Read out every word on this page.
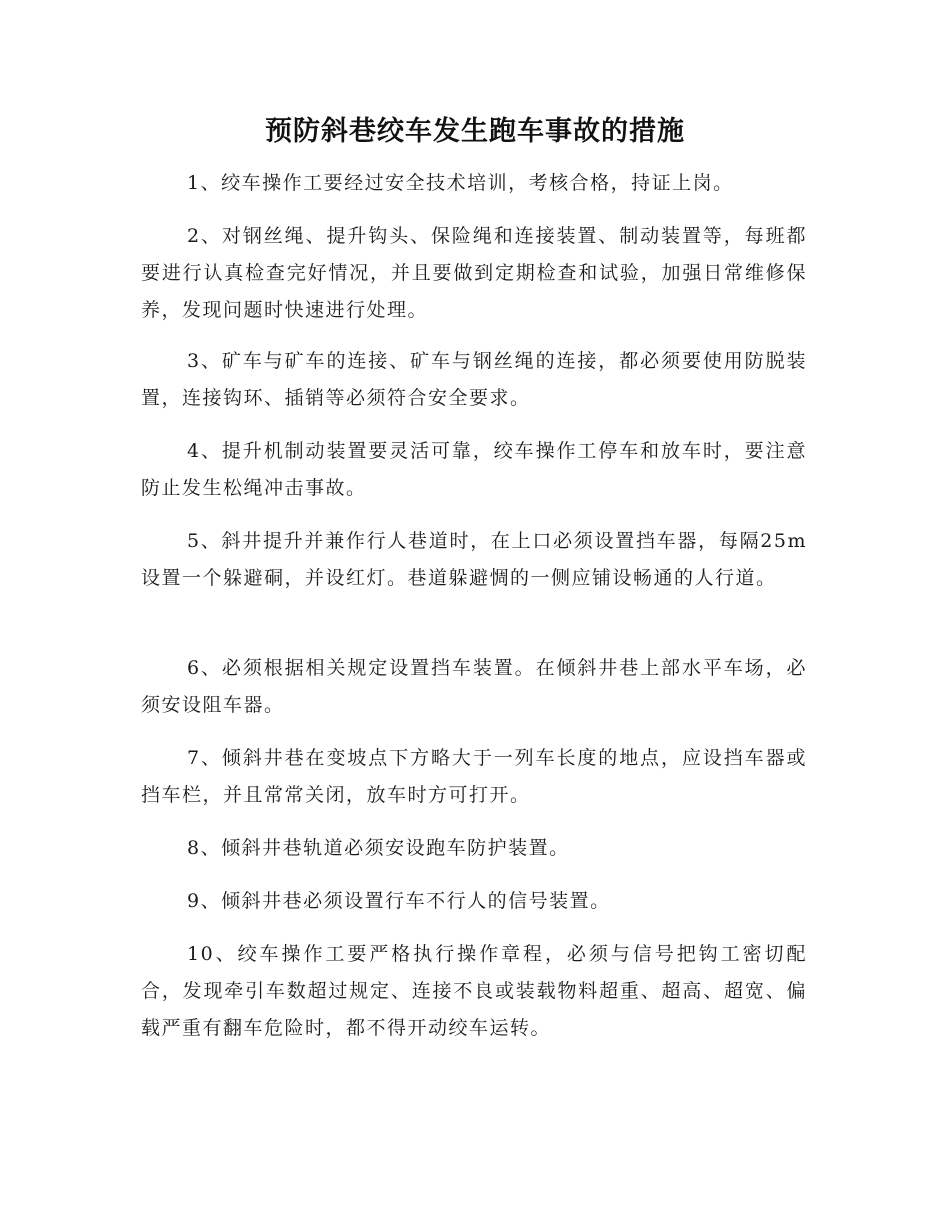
预防斜巷绞车发生跑车事故的措施
1、绞车操作工要经过安全技术培训，考核合格，持证上岗。
2、对钢丝绳、提升钩头、保险绳和连接装置、制动装置等，每班都要进行认真检查完好情况，并且要做到定期检查和试验，加强日常维修保养，发现问题时快速进行处理。
3、矿车与矿车的连接、矿车与钢丝绳的连接，都必须要使用防脱装置，连接钩环、插销等必须符合安全要求。
4、提升机制动装置要灵活可靠，绞车操作工停车和放车时，要注意防止发生松绳冲击事故。
5、斜井提升并兼作行人巷道时，在上口必须设置挡车器，每隔25m设置一个躲避硐，并设红灯。巷道躲避惆的一侧应铺设畅通的人行道。
6、必须根据相关规定设置挡车装置。在倾斜井巷上部水平车场，必须安设阻车器。
7、倾斜井巷在变坡点下方略大于一列车长度的地点，应设挡车器或挡车栏，并且常常关闭，放车时方可打开。
8、倾斜井巷轨道必须安设跑车防护装置。
9、倾斜井巷必须设置行车不行人的信号装置。
10、绞车操作工要严格执行操作章程，必须与信号把钩工密切配合，发现牵引车数超过规定、连接不良或装载物料超重、超高、超宽、偏载严重有翻车危险时，都不得开动绞车运转。
